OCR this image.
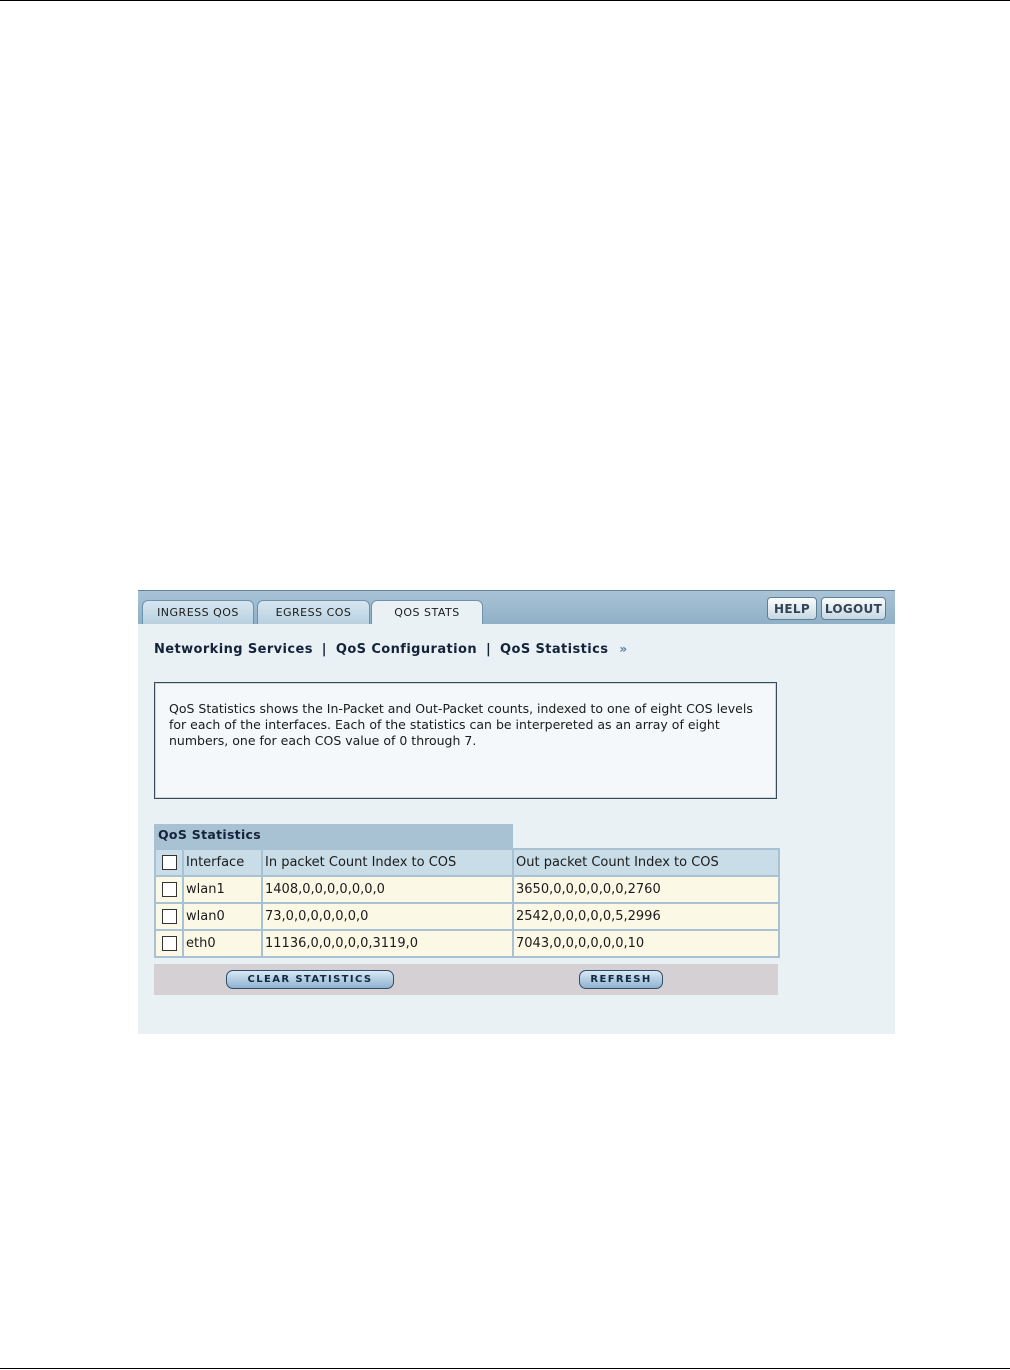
INGRESS QOS	EGRESS COS	QOS STATS	HELP	LOGOUT
Networking Services | QoS Configuration | QoS Statistics »
QoS Statistics shows the In-Packet and Out-Packet counts, indexed to one of eight COS levels for each of the interfaces. Each of the statistics can be interpereted as an array of eight numbers, one for each COS value of 0 through 7.
QoS Statistics
	Interface	In packet Count Index to COS	Out packet Count Index to COS
	wlan1	1408,0,0,0,0,0,0,0	3650,0,0,0,0,0,0,2760
	wlan0	73,0,0,0,0,0,0,0	2542,0,0,0,0,0,5,2996
	eth0	11136,0,0,0,0,0,3119,0	7043,0,0,0,0,0,0,10
CLEAR STATISTICS	REFRESH
